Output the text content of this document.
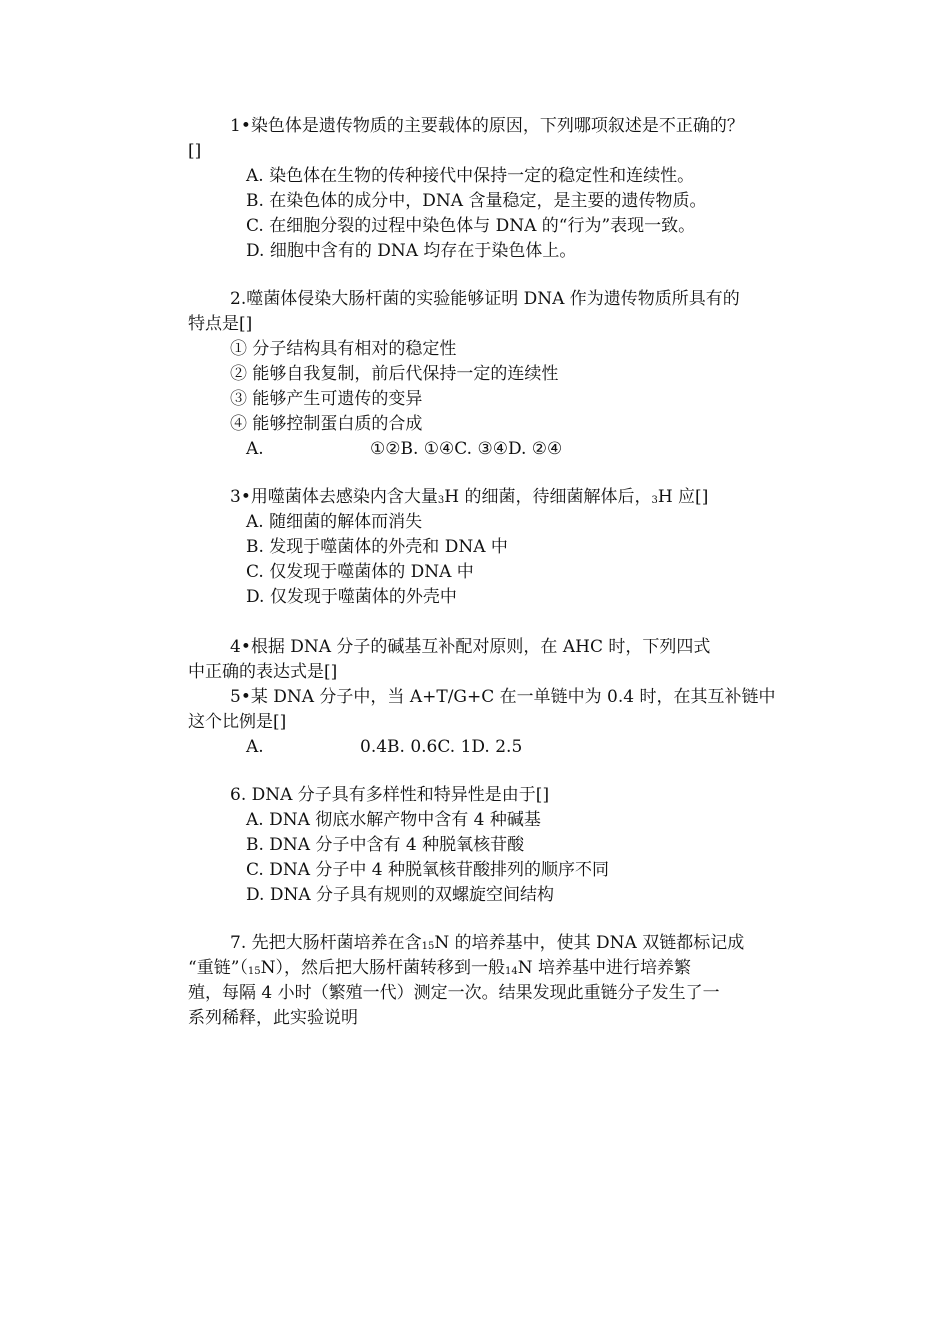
1•染色体是遗传物质的主要载体的原因，下列哪项叙述是不正确的？
[]
A. 染色体在生物的传种接代中保持一定的稳定性和连续性。
B. 在染色体的成分中，DNA 含量稳定，是主要的遗传物质。
C. 在细胞分裂的过程中染色体与 DNA 的“行为”表现一致。
D. 细胞中含有的 DNA 均存在于染色体上。
2.噬菌体侵染大肠杆菌的实验能够证明 DNA 作为遗传物质所具有的
特点是[]
① 分子结构具有相对的稳定性
② 能够自我复制，前后代保持一定的连续性
③ 能够产生可遗传的变异
④ 能够控制蛋白质的合成
A.	①②B. ①④C. ③④D. ②④
3•用噬菌体去感染内含大量3H 的细菌，待细菌解体后，3H 应[]
A. 随细菌的解体而消失
B. 发现于噬菌体的外壳和 DNA 中
C. 仅发现于噬菌体的 DNA 中
D. 仅发现于噬菌体的外壳中
4•根据 DNA 分子的碱基互补配对原则，在 AHC 时，下列四式
中正确的表达式是[]
5•某 DNA 分子中，当 A+T/G+C 在一单链中为 0.4 时，在其互补链中
这个比例是[]
A.	0.4B. 0.6C. 1D. 2.5
6. DNA 分子具有多样性和特异性是由于[]
A. DNA 彻底水解产物中含有 4 种碱基
B. DNA 分子中含有 4 种脱氧核苷酸
C. DNA 分子中 4 种脱氧核苷酸排列的顺序不同
D. DNA 分子具有规则的双螺旋空间结构
7. 先把大肠杆菌培养在含15N 的培养基中，使其 DNA 双链都标记成
“重链”（15N），然后把大肠杆菌转移到一般14N 培养基中进行培养繁
殖，每隔 4 小时（繁殖一代）测定一次。结果发现此重链分子发生了一
系列稀释，此实验说明
